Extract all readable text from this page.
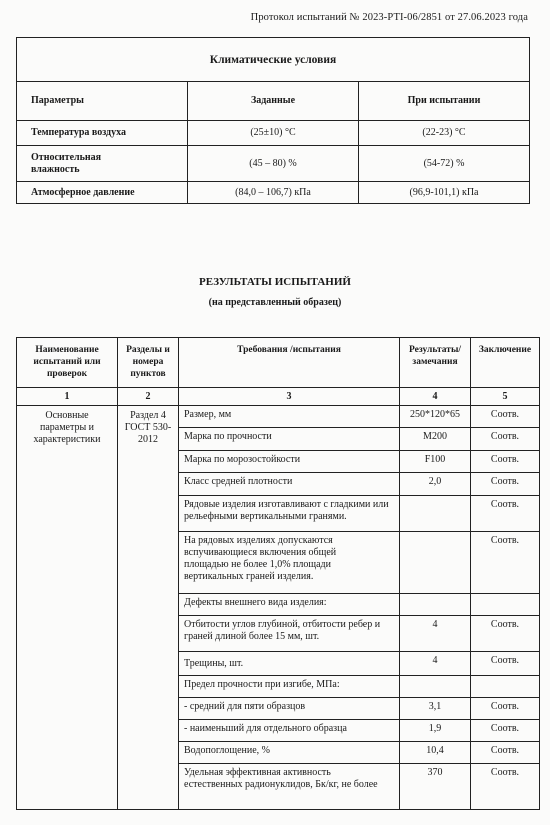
Протокол испытаний № 2023-РТI-06/2851 от 27.06.2023 года
Климатические условия		
Параметры	Заданные	При испытании
Температура воздуха	(25±10) °С	(22-23) °С
Относительная влажность	(45 – 80) %	(54-72) %
Атмосферное давление	(84,0 – 106,7) кПа	(96,9-101,1) кПа
РЕЗУЛЬТАТЫ ИСПЫТАНИЙ
(на представленный образец)
Наименование испытаний или проверок	Разделы и номера пунктов	Требования /испытания	Результаты/ замечания	Заключение
1	2	3	4	5
Основные параметры и характеристики	Раздел 4 ГОСТ 530-2012	Размер, мм	250*120*65	Соотв.
		Марка по прочности	М200	Соотв.
		Марка по морозостойкости	F100	Соотв.
		Класс средней плотности	2,0	Соотв.
		Рядовые изделия изготавливают с гладкими или рельефными вертикальными гранями.		Соотв.
		На рядовых изделиях допускаются вспучивающиеся включения общей площадью не более 1,0% площади вертикальных граней изделия.		Соотв.
		Дефекты внешнего вида изделия:		
		Отбитости углов глубиной, отбитости ребер и граней длиной более 15 мм, шт.	4	Соотв.
		Трещины, шт.	4	Соотв.
		Предел прочности при изгибе, МПа:		
		- средний для пяти образцов	3,1	Соотв.
		- наименьший для отдельного образца	1,9	Соотв.
		Водопоглощение, %	10,4	Соотв.
		Удельная эффективная активность естественных радионуклидов, Бк/кг, не более	370	Соотв.
